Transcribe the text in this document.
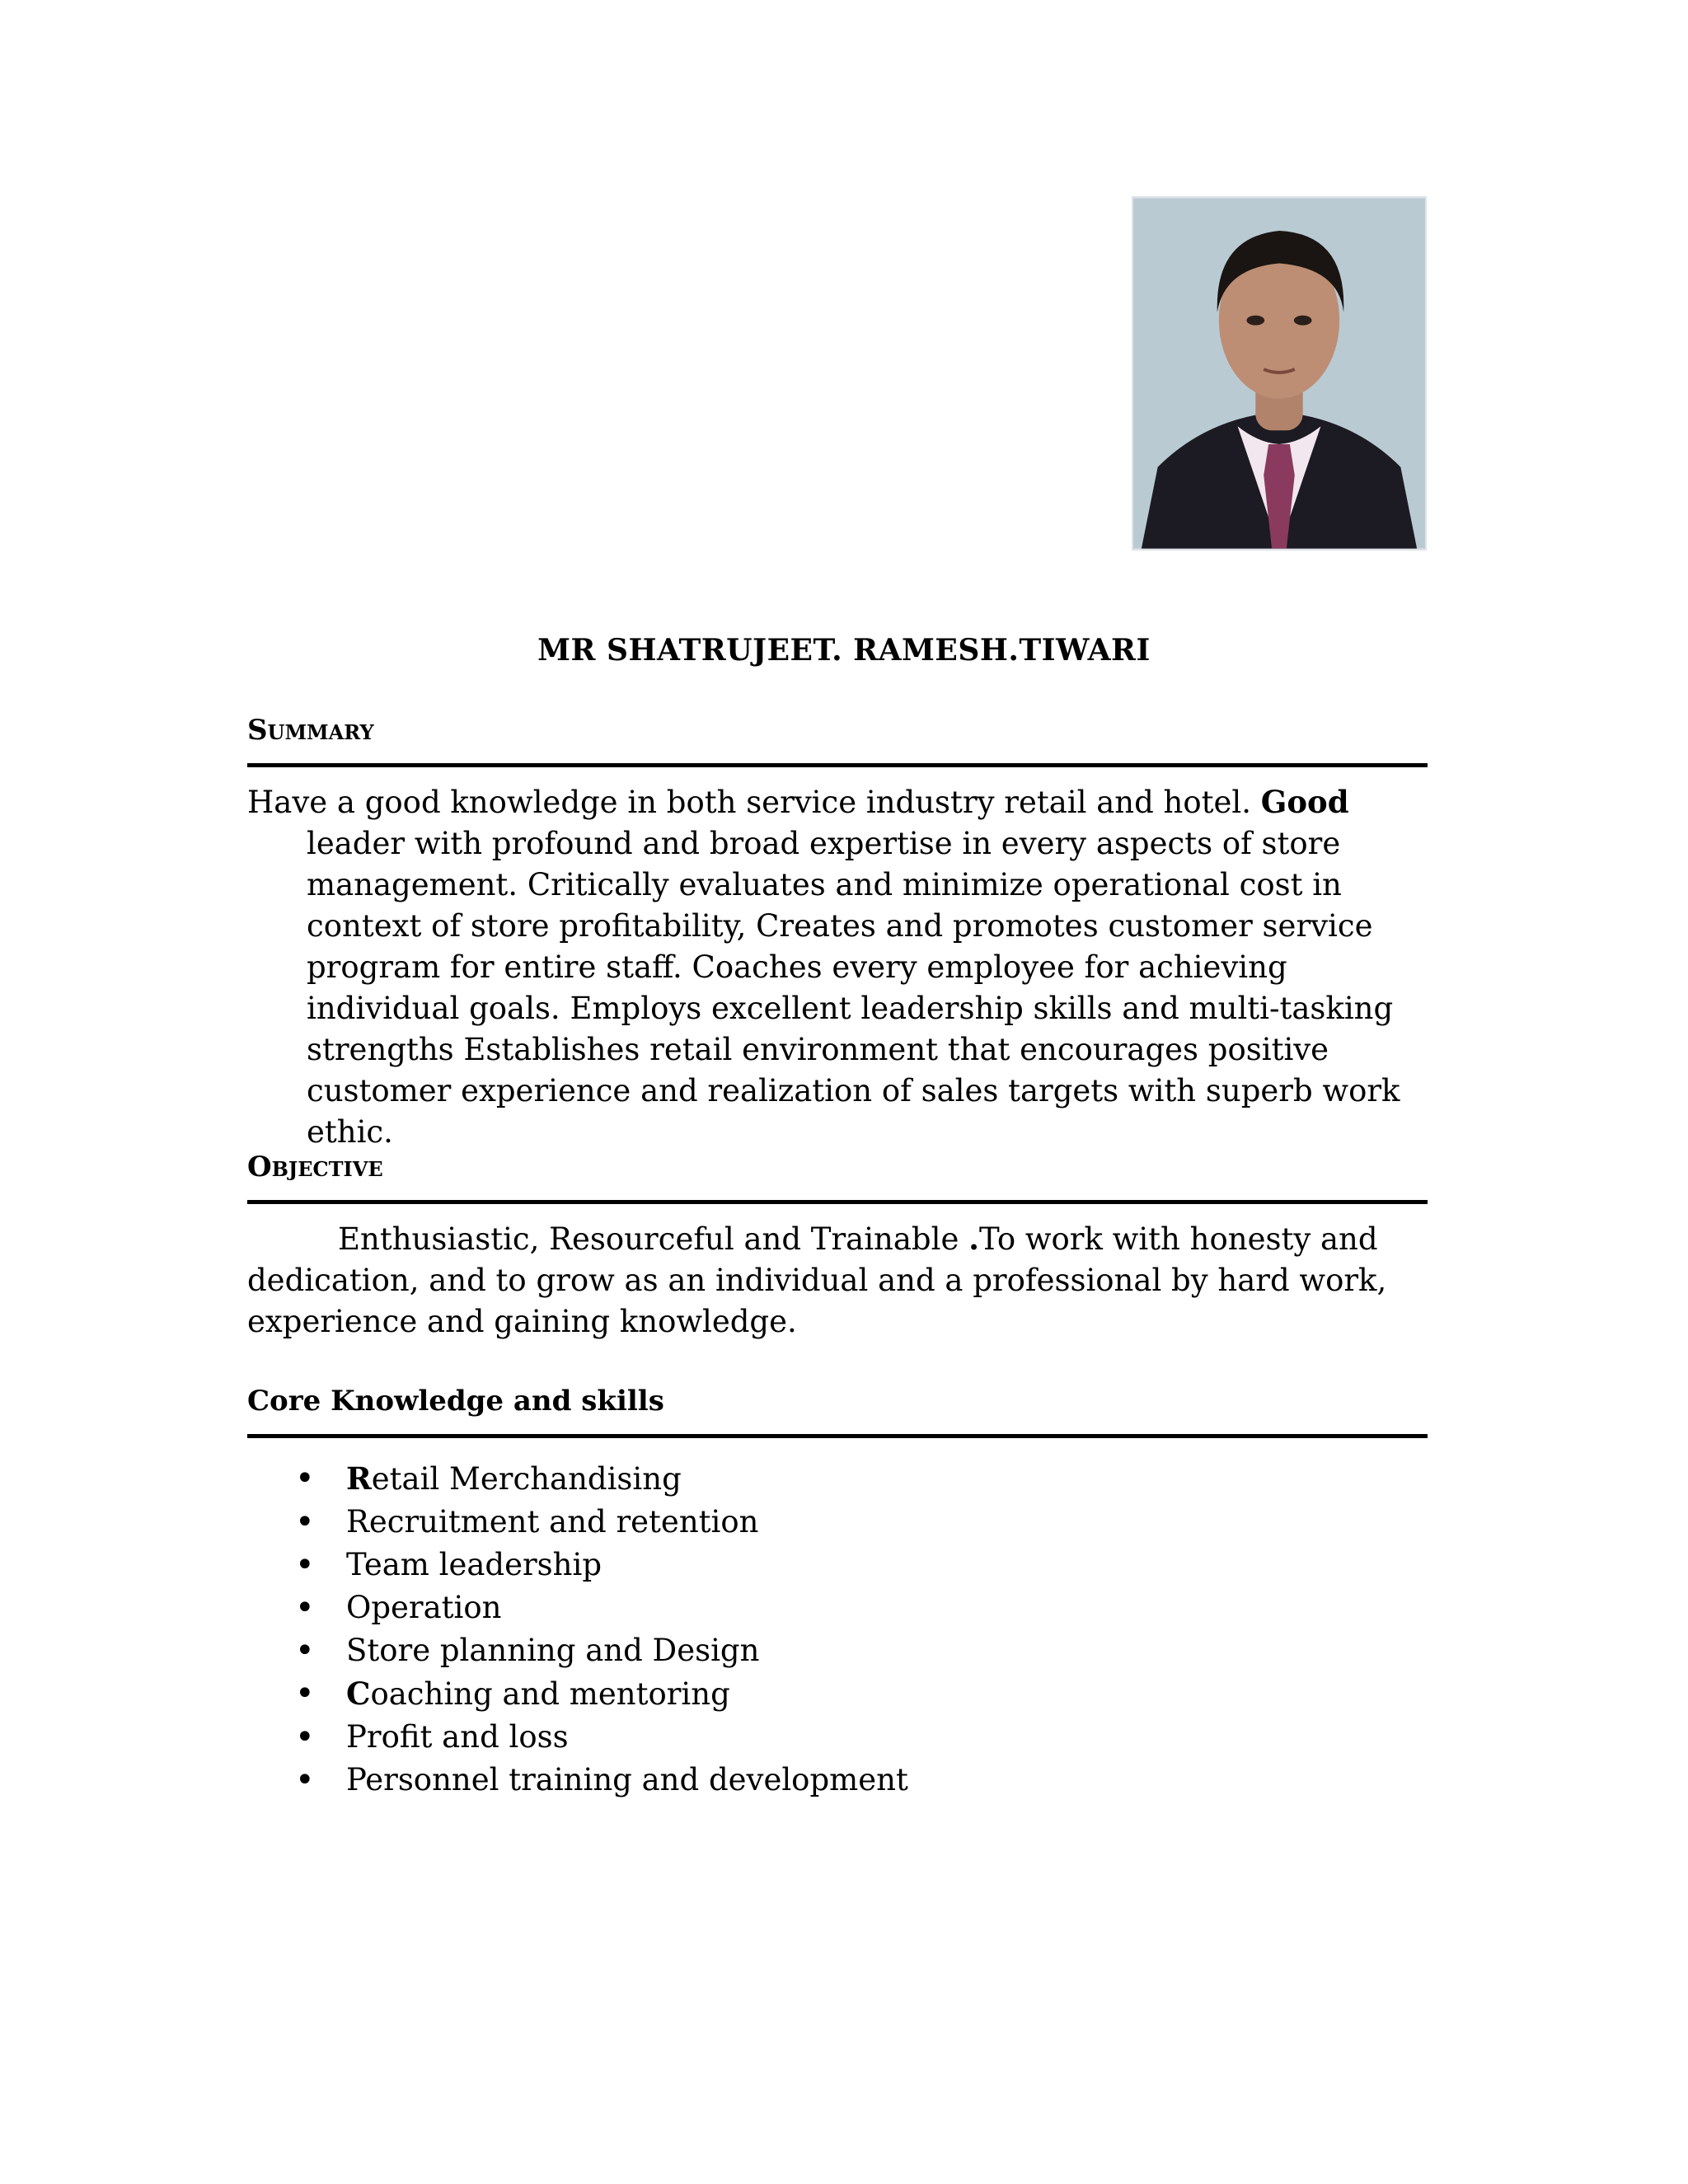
MR SHATRUJEET. RAMESH.TIWARI
Summary
Have a good knowledge in both service industry retail and hotel. Good leader with profound and broad expertise in every aspects of store management. Critically evaluates and minimize operational cost in context of store profitability, Creates and promotes customer service program for entire staff. Coaches every employee for achieving individual goals. Employs excellent leadership skills and multi-tasking strengths Establishes retail environment that encourages positive customer experience and realization of sales targets with superb work ethic.
Objective
Enthusiastic, Resourceful and Trainable .To work with honesty and dedication, and to grow as an individual and a professional by hard work, experience and gaining knowledge.
Core Knowledge and skills
• Retail Merchandising
• Recruitment and retention
• Team leadership
• Operation
• Store planning and Design
• Coaching and mentoring
• Profit and loss
• Personnel training and development
